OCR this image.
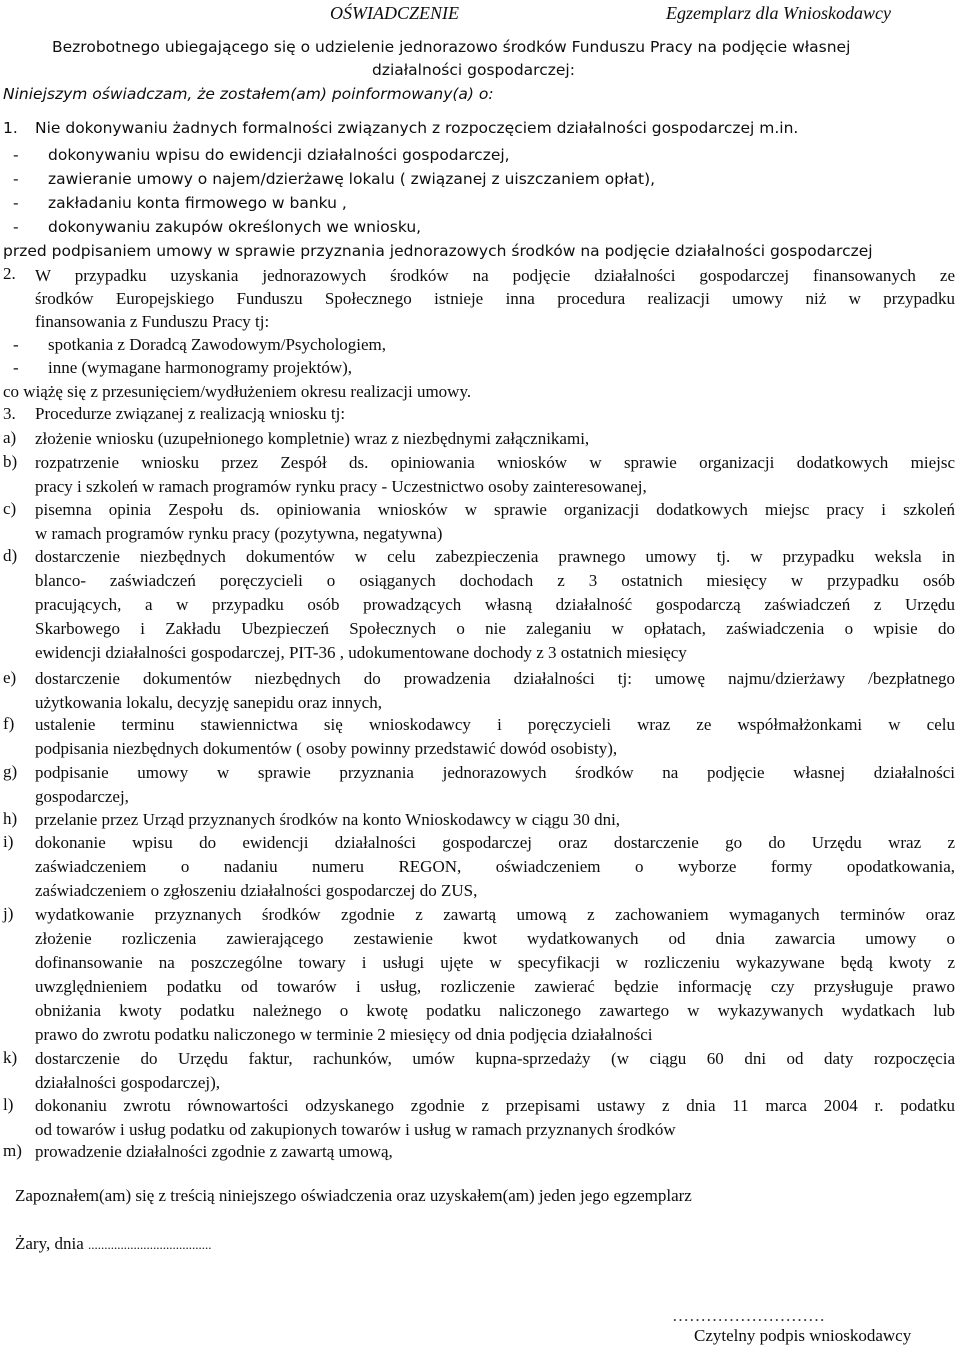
OŚWIADCZENIE	Egzemplarz dla Wnioskodawcy
Bezrobotnego ubiegającego się o udzielenie jednorazowo środków Funduszu Pracy na podjęcie własnej
działalności gospodarczej:
Niniejszym oświadczam, że zostałem(am) poinformowany(a) o:
1. Nie dokonywaniu żadnych formalności związanych z rozpoczęciem działalności gospodarczej m.in.
- dokonywaniu wpisu do ewidencji działalności gospodarczej,
- zawieranie umowy o najem/dzierżawę lokalu ( związanej z uiszczaniem opłat),
- zakładaniu konta firmowego w banku ,
- dokonywaniu zakupów określonych we wniosku,
przed podpisaniem umowy w sprawie przyznania jednorazowych środków na podjęcie działalności gospodarczej
2. W przypadku uzyskania jednorazowych środków na podjęcie działalności gospodarczej finansowanych ze
środków Europejskiego Funduszu Społecznego istnieje inna procedura realizacji umowy niż w przypadku
finansowania z Funduszu Pracy tj:
- spotkania z Doradcą Zawodowym/Psychologiem,
- inne (wymagane harmonogramy projektów),
co wiążę się z przesunięciem/wydłużeniem okresu realizacji umowy.
3. Procedurze związanej z realizacją wniosku tj:
a) złożenie wniosku (uzupełnionego kompletnie) wraz z niezbędnymi załącznikami,
b) rozpatrzenie wniosku przez Zespół ds. opiniowania wniosków w sprawie organizacji dodatkowych miejsc
pracy i szkoleń w ramach programów rynku pracy - Uczestnictwo osoby zainteresowanej,
c) pisemna opinia Zespołu ds. opiniowania wniosków w sprawie organizacji dodatkowych miejsc pracy i szkoleń
w ramach programów rynku pracy (pozytywna, negatywna)
d) dostarczenie niezbędnych dokumentów w celu zabezpieczenia prawnego umowy tj. w przypadku weksla in
blanco- zaświadczeń poręczycieli o osiąganych dochodach z 3 ostatnich miesięcy w przypadku osób
pracujących, a w przypadku osób prowadzących własną działalność gospodarczą zaświadczeń z Urzędu
Skarbowego i Zakładu Ubezpieczeń Społecznych o nie zaleganiu w opłatach, zaświadczenia o wpisie do
ewidencji działalności gospodarczej, PIT-36 , udokumentowane dochody z 3 ostatnich miesięcy
e) dostarczenie dokumentów niezbędnych do prowadzenia działalności tj: umowę najmu/dzierżawy /bezpłatnego
użytkowania lokalu, decyzję sanepidu oraz innych,
f) ustalenie terminu stawiennictwa się wnioskodawcy i poręczycieli wraz ze współmałżonkami w celu
podpisania niezbędnych dokumentów ( osoby powinny przedstawić dowód osobisty),
g) podpisanie umowy w sprawie przyznania jednorazowych środków na podjęcie własnej działalności
gospodarczej,
h) przelanie przez Urząd przyznanych środków na konto Wnioskodawcy w ciągu 30 dni,
i) dokonanie wpisu do ewidencji działalności gospodarczej oraz dostarczenie go do Urzędu wraz z
zaświadczeniem o nadaniu numeru REGON, oświadczeniem o wyborze formy opodatkowania,
zaświadczeniem o zgłoszeniu działalności gospodarczej do ZUS,
j) wydatkowanie przyznanych środków zgodnie z zawartą umową z zachowaniem wymaganych terminów oraz
złożenie rozliczenia zawierającego zestawienie kwot wydatkowanych od dnia zawarcia umowy o
dofinansowanie na poszczególne towary i usługi ujęte w specyfikacji w rozliczeniu wykazywane będą kwoty z
uwzględnieniem podatku od towarów i usług, rozliczenie zawierać będzie informację czy przysługuje prawo
obniżania kwoty podatku należnego o kwotę podatku naliczonego zawartego w wykazywanych wydatkach lub
prawo do zwrotu podatku naliczonego w terminie 2 miesięcy od dnia podjęcia działalności
k) dostarczenie do Urzędu faktur, rachunków, umów kupna-sprzedaży (w ciągu 60 dni od daty rozpoczęcia
działalności gospodarczej),
l) dokonaniu zwrotu równowartości odzyskanego zgodnie z przepisami ustawy z dnia 11 marca 2004 r. podatku
od towarów i usług podatku od zakupionych towarów i usług w ramach przyznanych środków
m) prowadzenie działalności zgodnie z zawartą umową,
Zapoznałem(am) się z treścią niniejszego oświadczenia oraz uzyskałem(am) jeden jego egzemplarz
Żary, dnia ......................................
………………………
Czytelny podpis wnioskodawcy
